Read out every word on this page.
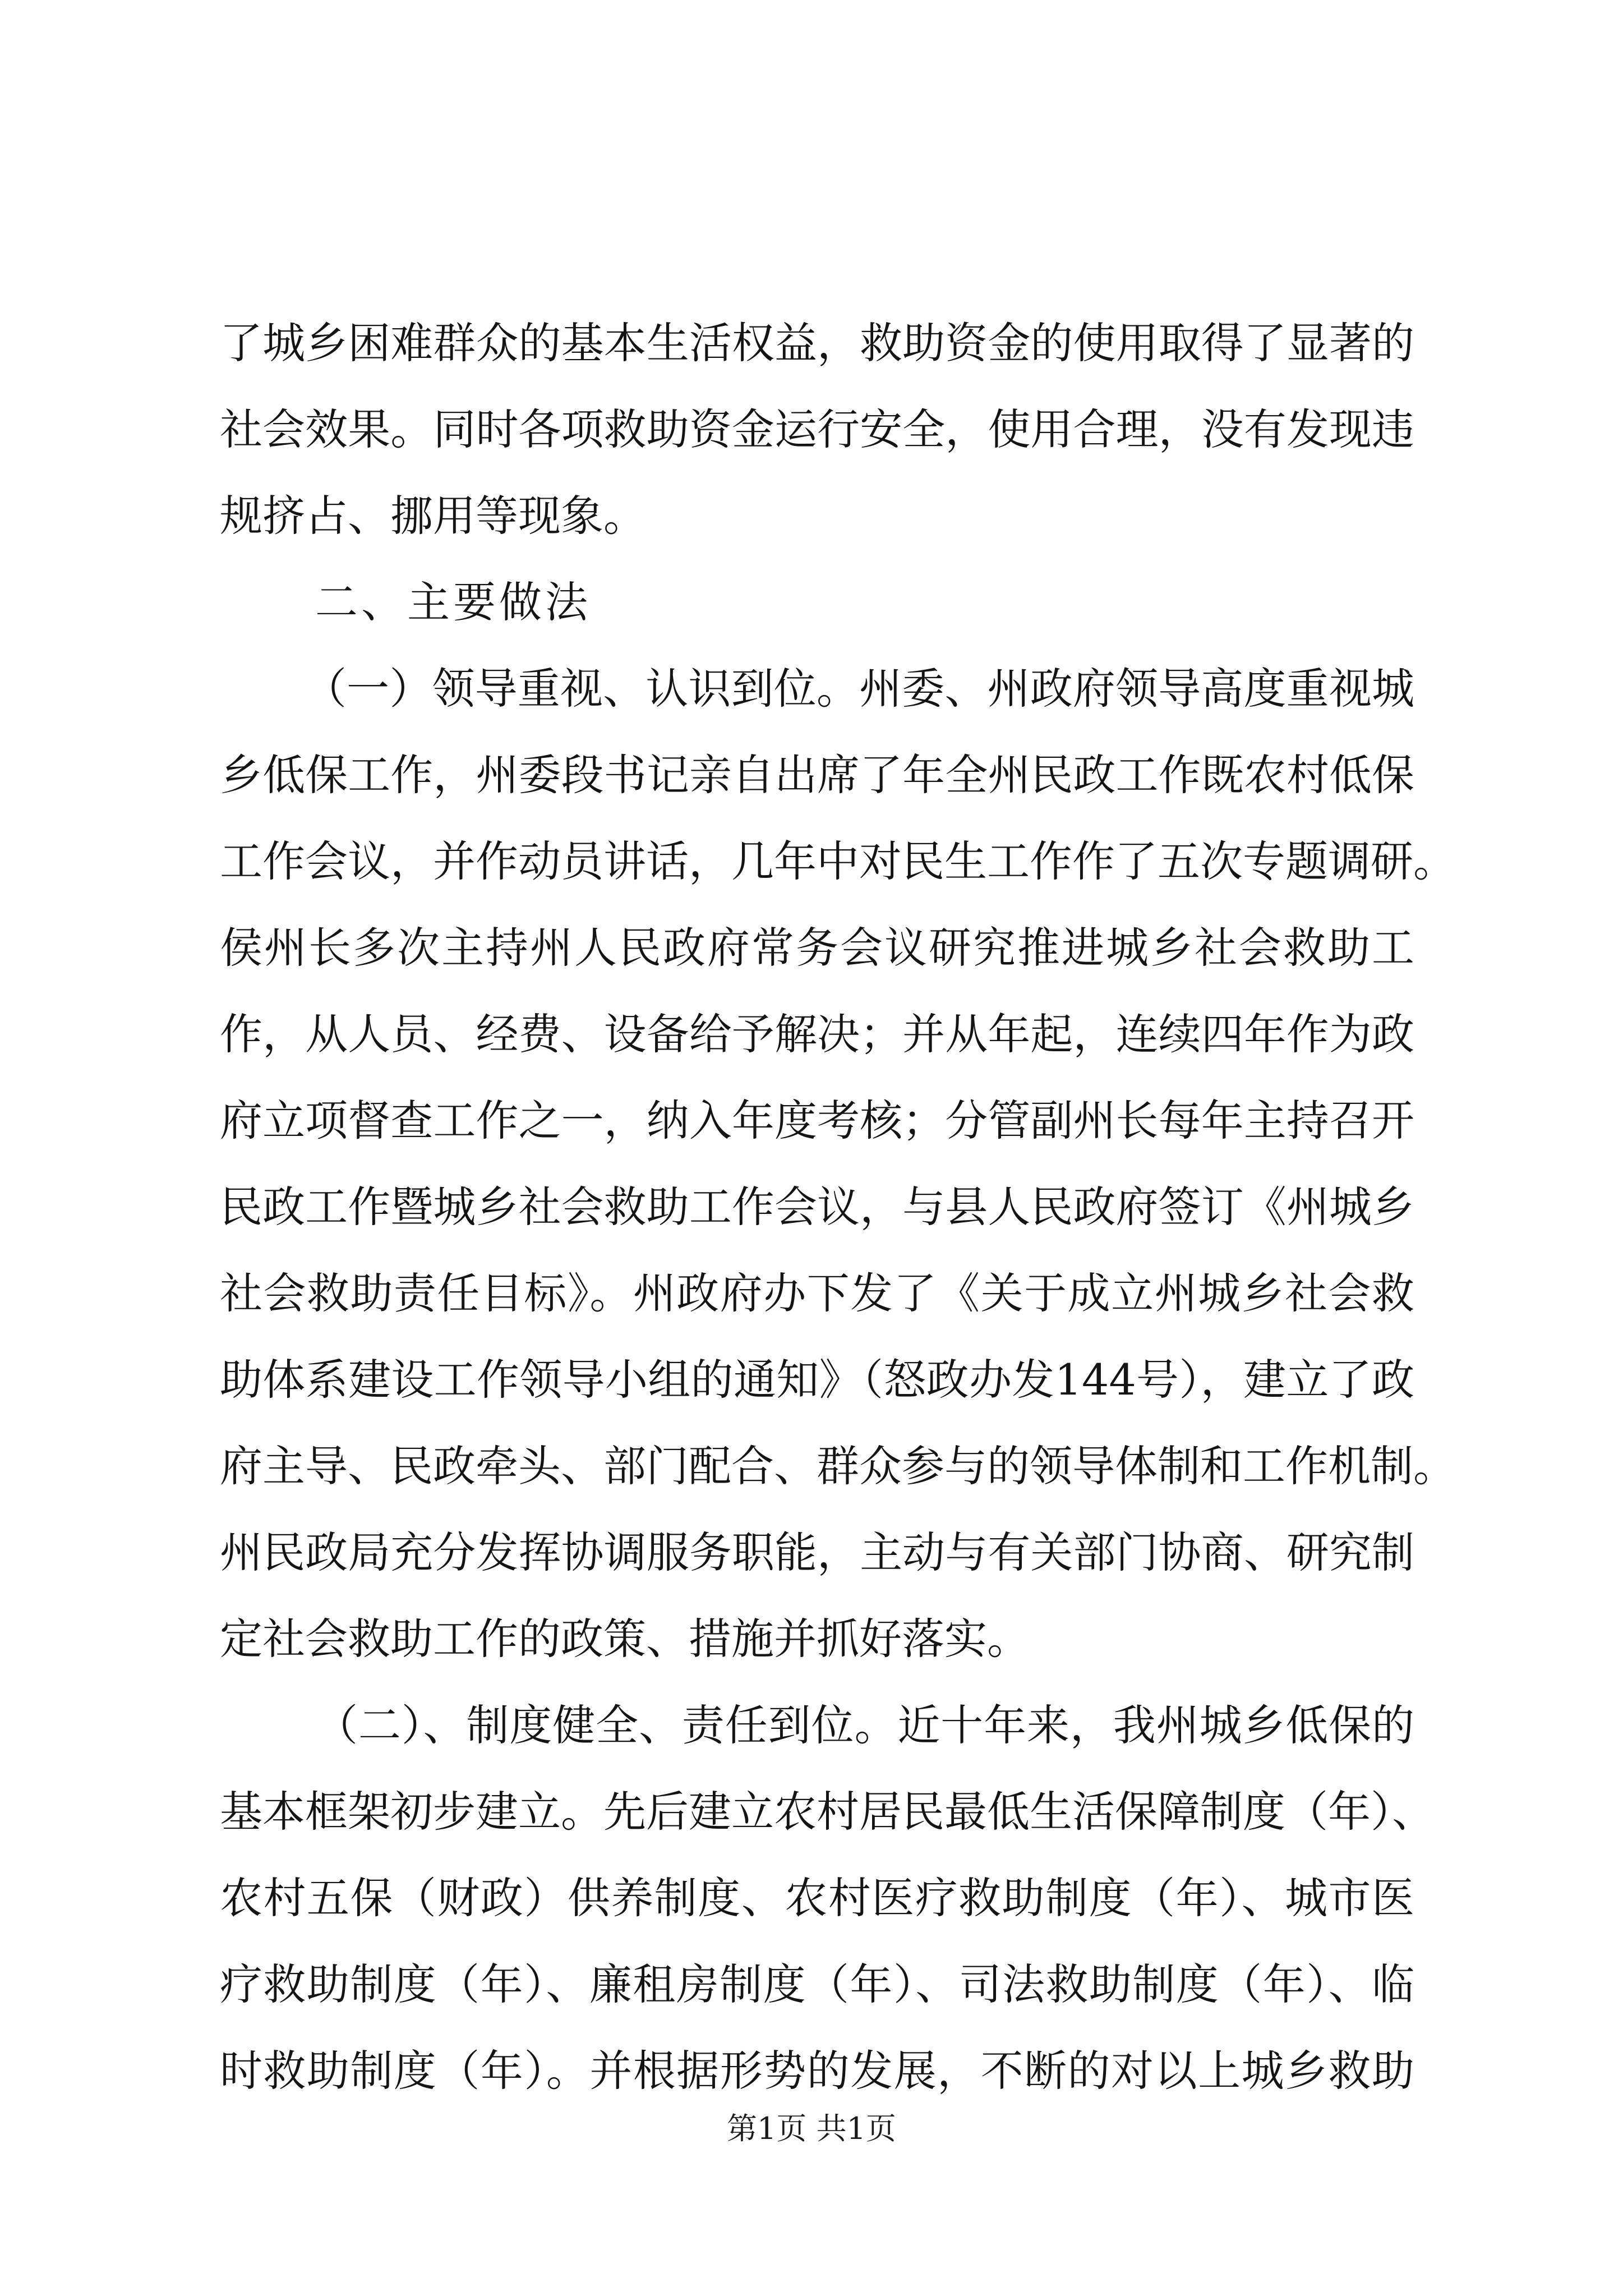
了城乡困难群众的基本生活权益，救助资金的使用取得了显著的
社会效果。同时各项救助资金运行安全，使用合理，没有发现违
规挤占、挪用等现象。
二、主要做法
（一）领导重视、认识到位。州委、州政府领导高度重视城
乡低保工作，州委段书记亲自出席了年全州民政工作既农村低保
工作会议，并作动员讲话，几年中对民生工作作了五次专题调研。
侯州长多次主持州人民政府常务会议研究推进城乡社会救助工
作，从人员、经费、设备给予解决；并从年起，连续四年作为政
府立项督查工作之一，纳入年度考核；分管副州长每年主持召开
民政工作暨城乡社会救助工作会议，与县人民政府签订《州城乡
社会救助责任目标》。州政府办下发了《关于成立州城乡社会救
助体系建设工作领导小组的通知》（怒政办发144号），建立了政
府主导、民政牵头、部门配合、群众参与的领导体制和工作机制。
州民政局充分发挥协调服务职能，主动与有关部门协商、研究制
定社会救助工作的政策、措施并抓好落实。
（二）、制度健全、责任到位。近十年来，我州城乡低保的
基本框架初步建立。先后建立农村居民最低生活保障制度（年）、
农村五保（财政）供养制度、农村医疗救助制度（年）、城市医
疗救助制度（年）、廉租房制度（年）、司法救助制度（年）、临
时救助制度（年）。并根据形势的发展，不断的对以上城乡救助
第1页 共1页
